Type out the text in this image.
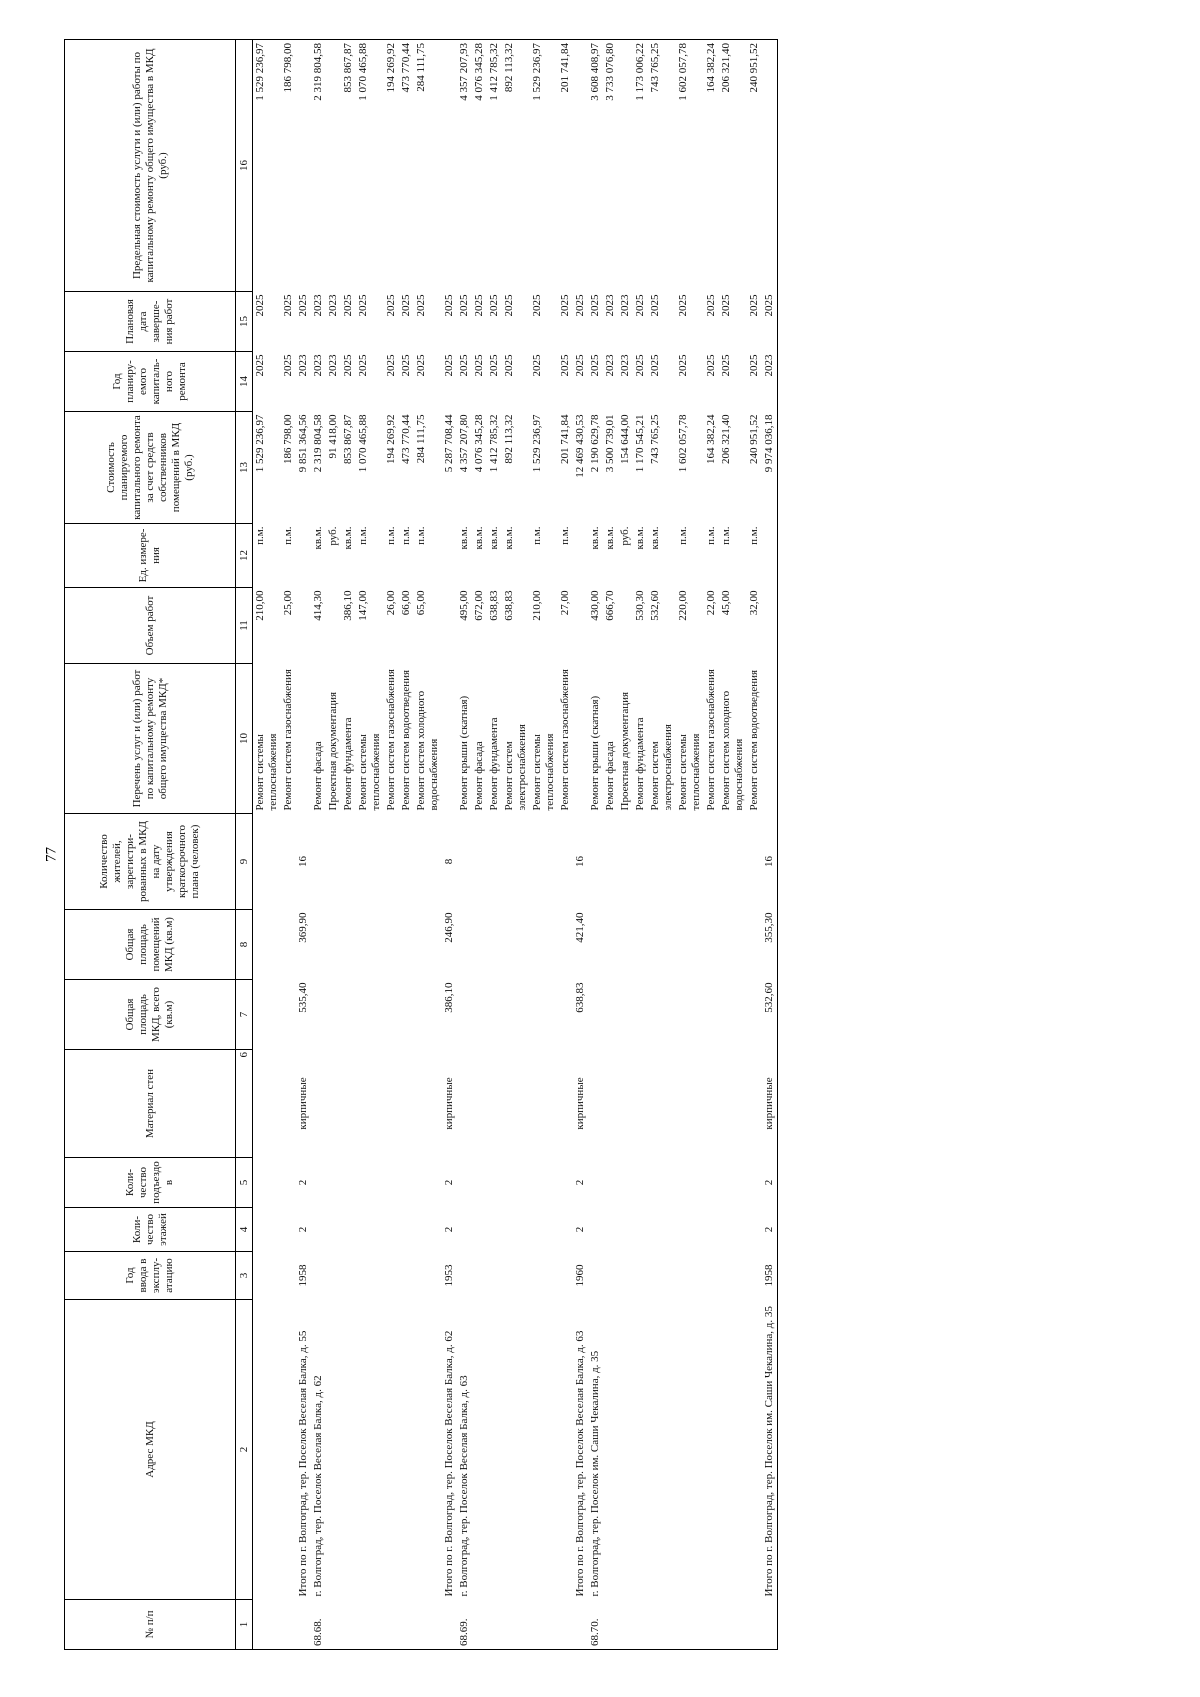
77
№ п/п	Адрес МКД	Год ввода в эксплу-атацию	Коли-чество этажей	Коли-чество подъездо в	Материал стен	Общая площадь МКД, всего (кв.м)	Общая площадь помещений МКД (кв.м)	Количество жителей, зарегистри-рованных в МКД на дату утверждения краткосрочного плана (человек)	Перечень услуг и (или) работ по капитальному ремонту общего имущества МКД*	Объем работ	Ед. измере-ния	Стоимость планируемого капитального ремонта за счет средств собственников помещений в МКД (руб.)	Год планиру-емого капиталь-ного ремонта	Плановая дата заверше-ния работ	Предельная стоимость услуги и (или) работы по капитальному ремонту общего имущества в МКД (руб.)
1	2	3	4	5	6	7	8	9	10	11	12	13	14	15	16
									Ремонт системы теплоснабжения	210,00	п.м.	1 529 236,97	2025	2025	1 529 236,97
									Ремонт систем газоснабжения	25,00	п.м.	186 798,00	2025	2025	186 798,00
	Итого по г. Волгоград, тер. Поселок Веселая Балка, д. 55	1958	2	2	кирпичные	535,40	369,90	16				9 851 364,56	2023	2025	
68.68.	г. Волгоград, тер. Поселок Веселая Балка, д. 62								Ремонт фасада	414,30	кв.м.	2 319 804,58	2023	2023	2 319 804,58
									Проектная документация		руб.	91 418,00	2023	2023	
									Ремонт фундамента	386,10	кв.м.	853 867,87	2025	2025	853 867,87
									Ремонт системы теплоснабжения	147,00	п.м.	1 070 465,88	2025	2025	1 070 465,88
									Ремонт систем газоснабжения	26,00	п.м.	194 269,92	2025	2025	194 269,92
									Ремонт систем водоотведения	66,00	п.м.	473 770,44	2025	2025	473 770,44
									Ремонт систем холодного водоснабжения	65,00	п.м.	284 111,75	2025	2025	284 111,75
	Итого по г. Волгоград, тер. Поселок Веселая Балка, д. 62	1953	2	2	кирпичные	386,10	246,90	8				5 287 708,44	2025	2025	
68.69.	г. Волгоград, тер. Поселок Веселая Балка, д. 63								Ремонт крыши (скатная)	495,00	кв.м.	4 357 207,80	2025	2025	4 357 207,93
									Ремонт фасада	672,00	кв.м.	4 076 345,28	2025	2025	4 076 345,28
									Ремонт фундамента	638,83	кв.м.	1 412 785,32	2025	2025	1 412 785,32
									Ремонт систем электроснабжения	638,83	кв.м.	892 113,32	2025	2025	892 113,32
									Ремонт системы теплоснабжения	210,00	п.м.	1 529 236,97	2025	2025	1 529 236,97
									Ремонт систем газоснабжения	27,00	п.м.	201 741,84	2025	2025	201 741,84
	Итого по г. Волгоград, тер. Поселок Веселая Балка, д. 63	1960	2	2	кирпичные	638,83	421,40	16				12 469 430,53	2025	2025	
68.70.	г. Волгоград, тер. Поселок им. Саши Чекалина, д. 35								Ремонт крыши (скатная)	430,00	кв.м.	2 190 629,78	2025	2025	3 608 408,97
									Ремонт фасада	666,70	кв.м.	3 500 739,01	2023	2023	3 733 076,80
									Проектная документация		руб.	154 644,00	2023	2023	
									Ремонт фундамента	530,30	кв.м.	1 170 545,21	2025	2025	1 173 006,22
									Ремонт систем электроснабжения	532,60	кв.м.	743 765,25	2025	2025	743 765,25
									Ремонт системы теплоснабжения	220,00	п.м.	1 602 057,78	2025	2025	1 602 057,78
									Ремонт систем газоснабжения	22,00	п.м.	164 382,24	2025	2025	164 382,24
									Ремонт систем холодного водоснабжения	45,00	п.м.	206 321,40	2025	2025	206 321,40
									Ремонт систем водоотведения	32,00	п.м.	240 951,52	2025	2025	240 951,52
	Итого по г. Волгоград, тер. Поселок им. Саши Чекалина, д. 35	1958	2	2	кирпичные	532,60	355,30	16				9 974 036,18	2023	2025	
